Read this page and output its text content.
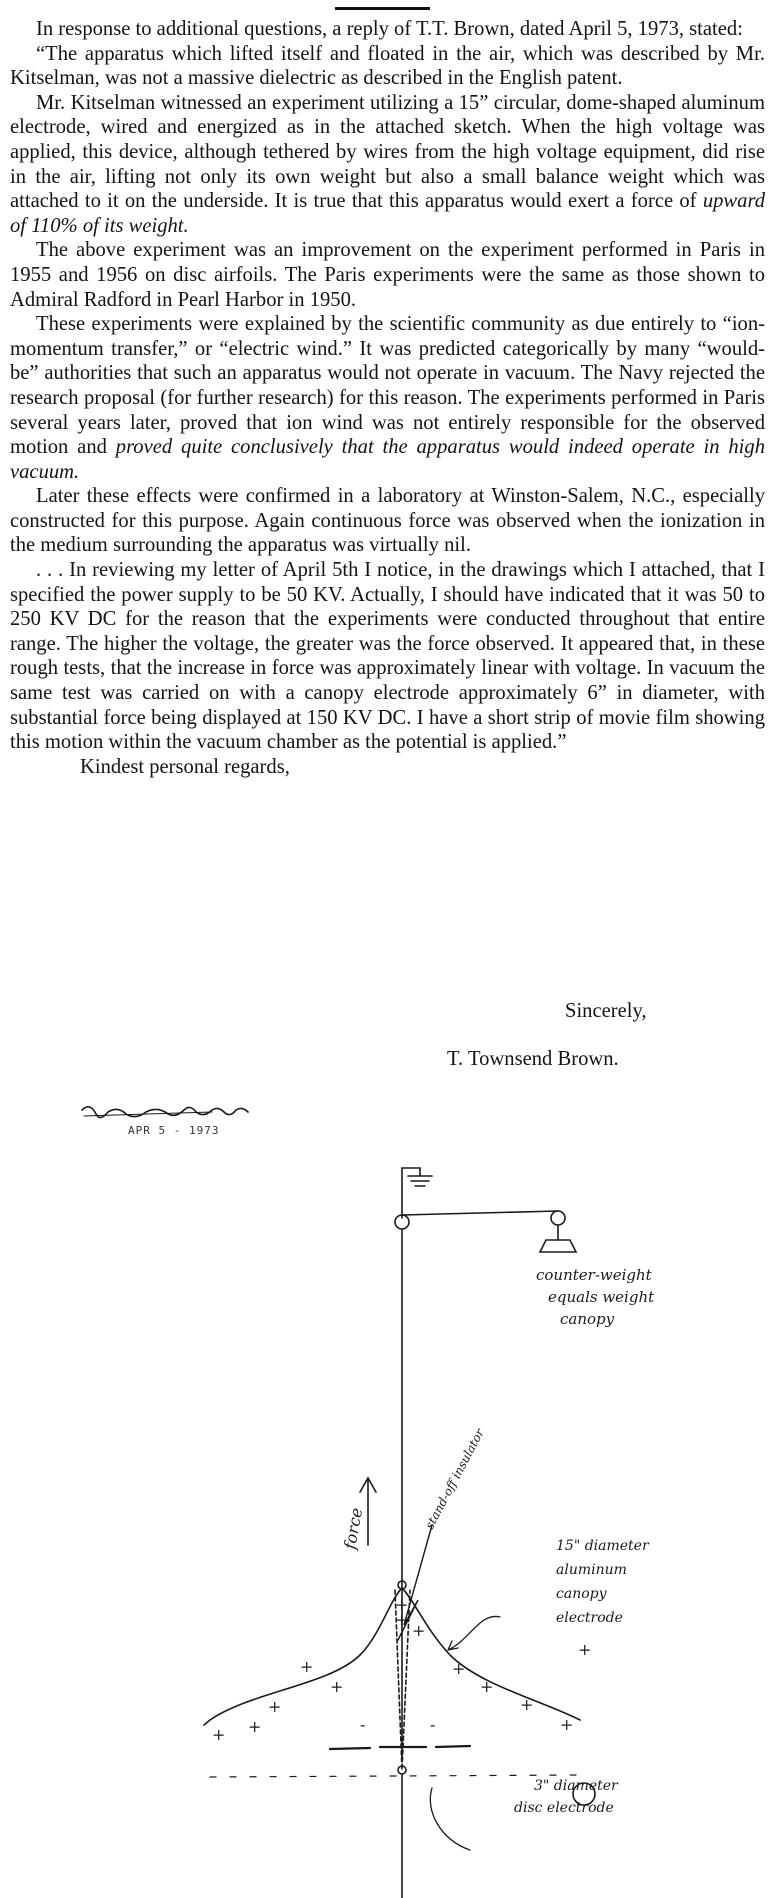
In response to additional questions, a reply of T.T. Brown, dated April 5, 1973, stated:

“The apparatus which lifted itself and floated in the air, which was described by Mr. Kitselman, was not a massive dielectric as described in the English patent.

Mr. Kitselman witnessed an experiment utilizing a 15” circular, dome-shaped aluminum electrode, wired and energized as in the attached sketch. When the high voltage was applied, this device, although tethered by wires from the high voltage equipment, did rise in the air, lifting not only its own weight but also a small balance weight which was attached to it on the underside. It is true that this apparatus would exert a force of upward of 110% of its weight.

The above experiment was an improvement on the experiment performed in Paris in 1955 and 1956 on disc airfoils. The Paris experiments were the same as those shown to Admiral Radford in Pearl Harbor in 1950.

These experiments were explained by the scientific community as due entirely to “ion-momentum transfer,” or “electric wind.” It was predicted categorically by many “would-be” authorities that such an apparatus would not operate in vacuum. The Navy rejected the research proposal (for further research) for this reason. The experiments performed in Paris several years later, proved that ion wind was not entirely responsible for the observed motion and proved quite conclusively that the apparatus would indeed operate in high vacuum.

Later these effects were confirmed in a laboratory at Winston-Salem, N.C., especially constructed for this purpose. Again continuous force was observed when the ionization in the medium surrounding the apparatus was virtually nil.

. . . In reviewing my letter of April 5th I notice, in the drawings which I attached, that I specified the power supply to be 50 KV. Actually, I should have indicated that it was 50 to 250 KV DC for the reason that the experiments were conducted throughout that entire range. The higher the voltage, the greater was the force observed. It appeared that, in these rough tests, that the increase in force was approximately linear with voltage. In vacuum the same test was carried on with a canopy electrode approximately 6” in diameter, with substantial force being displayed at 150 KV DC. I have a short strip of movie film showing this motion within the vacuum chamber as the potential is applied.”

Kindest personal regards,

Sincerely,
T. Townsend Brown.
APR 5 - 1973
+
+
+
+
+
+
+
+
+
+
-	-
+
+
force	stand-off insulator
counter-weight
equals weight
canopy
15" diameter
aluminum
canopy
electrode
+
3" diameter
disc electrode
